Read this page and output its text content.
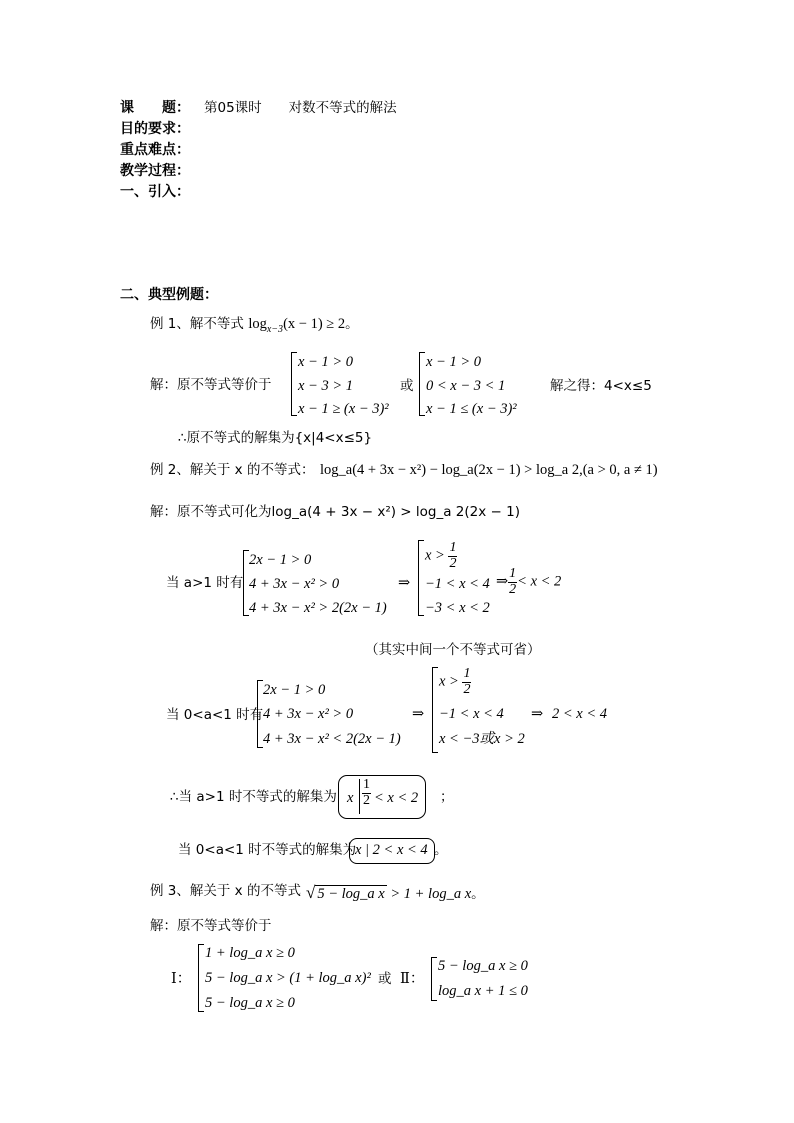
课　　题： 第05课时　　对数不等式的解法
目的要求：
重点难点：
教学过程：
一、引入：
二、典型例题：
例 1、解不等式 $\log_{x-3}(x - 1) \ge 2$。
解：原不等式等价于
x − 1 > 0
x − 3 > 1
x − 1 ≥ (x − 3)²
或
x − 1 > 0
0 < x − 3 < 1
x − 1 ≤ (x − 3)²
解之得：4<x≤5
∴原不等式的解集为{x|4<x≤5}
例 2、解关于 x 的不等式： log_a(4 + 3x − x²) − log_a(2x − 1) > log_a 2,(a > 0, a ≠ 1)
解：原不等式可化为log_a(4 + 3x − x²) > log_a 2(2x − 1)
当 a>1 时有
2x − 1 > 0
4 + 3x − x² > 0
4 + 3x − x² > 2(2x − 1)
⇒
$x > \frac{1}{2}$
−1 < x < 4
−3 < x < 2
⇒ $\frac{1}{2} < x < 2$
（其实中间一个不等式可省）
当 0<a<1 时有
2x − 1 > 0
4 + 3x − x² > 0
4 + 3x − x² < 2(2x − 1)
⇒
$x > \frac{1}{2}$
−1 < x < 4
x < −3或x > 2
⇒ 2 < x < 4
∴当 a>1 时不等式的解集为 x $\frac{1}{2} < x < 2$ ；
当 0<a<1 时不等式的解集为
x | 2 < x < 4 。
例 3、解关于 x 的不等式 √ 5 − log_a x > 1 + log_a x。
解：原不等式等价于
Ⅰ：
1 + log_a x ≥ 0
5 − log_a x > (1 + log_a x)²
5 − log_a x ≥ 0
或 Ⅱ：
5 − log_a x ≥ 0
log_a x + 1 ≤ 0
